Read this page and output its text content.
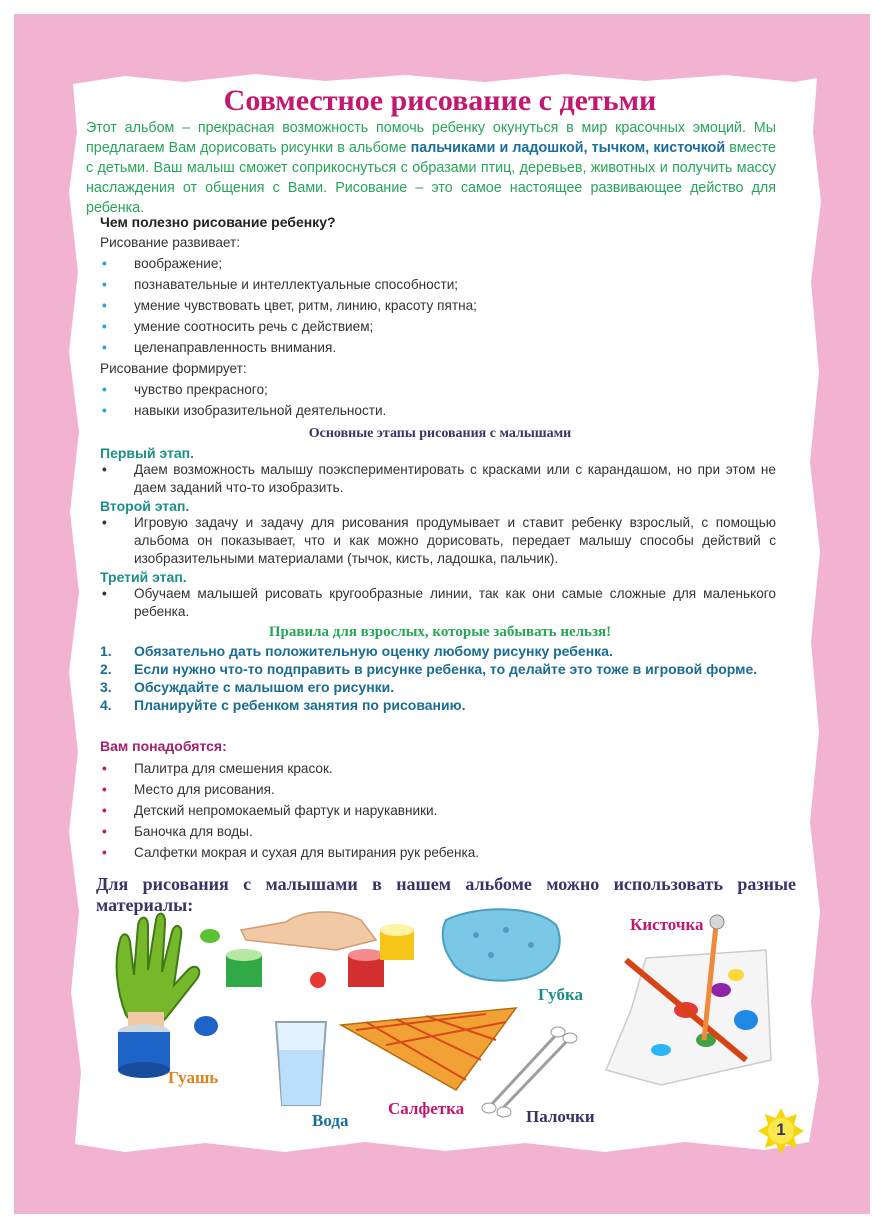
Совместное рисование с детьми

Этот альбом – прекрасная возможность помочь ребенку окунуться в мир красочных эмоций. Мы предлагаем Вам дорисовать рисунки в альбоме пальчиками и ладошкой, тычком, кисточкой вместе с детьми. Ваш малыш сможет соприкоснуться с образами птиц, деревьев, животных и получить массу наслаждения от общения с Вами. Рисование – это самое настоящее развивающее действо для ребенка.

Чем полезно рисование ребенку?

Рисование развивает:

• воображение;
• познавательные и интеллектуальные способности;
• умение чувствовать цвет, ритм, линию, красоту пятна;
• умение соотносить речь с действием;
• целенаправленность внимания.

Рисование формирует:

• чувство прекрасного;
• навыки изобразительной деятельности.
Основные этапы рисования с малышами
Первый этап.
• Даем возможность малышу поэкспериментировать с красками или с карандашом, но при этом не даем заданий что-то изобразить.
Второй этап.
• Игровую задачу и задачу для рисования продумывает и ставит ребенку взрослый, с помощью альбома он показывает, что и как можно дорисовать, передает малышу способы действий с изобразительными материалами (тычок, кисть, ладошка, пальчик).
Третий этап.
• Обучаем малышей рисовать кругообразные линии, так как они самые сложные для маленького ребенка.
Правила для взрослых, которые забывать нельзя!
1. Обязательно дать положительную оценку любому рисунку ребенка.
2. Если нужно что-то подправить в рисунке ребенка, то делайте это тоже в игровой форме.
3. Обсуждайте с малышом его рисунки.
4. Планируйте с ребенком занятия по рисованию.
Вам понадобятся:
• Палитра для смешения красок.
• Место для рисования.
• Детский непромокаемый фартук и нарукавники.
• Баночка для воды.
• Салфетки мокрая и сухая для вытирания рук ребенка.
Для рисования с малышами в нашем альбоме можно использовать разные материалы:
Гуашь
Вода
Салфетка	Палочки
Губка
Кисточка
1
